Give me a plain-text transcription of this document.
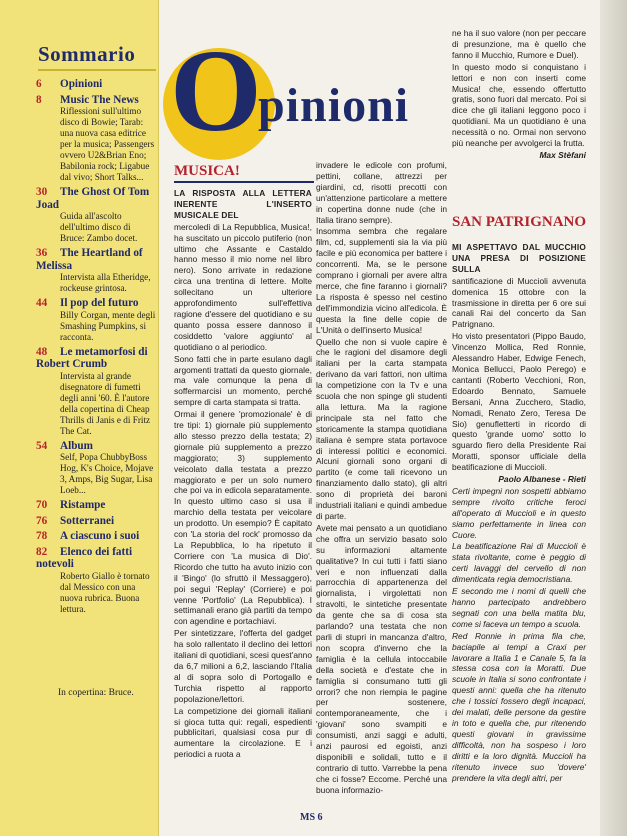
Sommario
6 Opinioni
8 Music The News
Riflessioni sull'ultimo disco di Bowie; Tarab: una nuova casa editrice per la musica; Passengers ovvero U2&Brian Eno; Babilonia rock; Ligabue dal vivo; Short Talks...
30 The Ghost Of Tom Joad
Guida all'ascolto dell'ultimo disco di Bruce: Zambo docet.
36 The Heartland of Melissa
Intervista alla Etheridge, rockeuse grintosa.
44 Il pop del futuro
Billy Corgan, mente degli Smashing Pumpkins, si racconta.
48 Le metamorfosi di Robert Crumb
Intervista al grande disegnatore di fumetti degli anni '60. È l'autore della copertina di Cheap Thrills di Janis e di Fritz The Cat.
54 Album
Self, Popa ChubbyBoss Hog, K's Choice, Mojave 3, Amps, Big Sugar, Lisa Loeb...
70 Ristampe
76 Sotterranei
78 A ciascuno i suoi
82 Elenco dei fatti notevoli
Roberto Giallo è tornato dal Messico con una nuova rubrica. Buona lettura.
In copertina: Bruce.
O
pinioni
MUSICA!

LA RISPOSTA ALLA LETTERA INERENTE L'INSERTO MUSICALE DEL

mercoledì di La Repubblica, Musica!, ha suscitato un piccolo putiferio (non ultimo che Assante e Castaldo hanno messo il mio nome nel libro nero). Sono arrivate in redazione circa una trentina di lettere. Molte sollecitano un ulteriore approfondimento sull'effettiva ragione d'essere del quotidiano e su quanto possa essere dannoso il cosiddetto 'valore aggiunto' al quotidiano o al periodico.

Sono fatti che in parte esulano dagli argomenti trattati da questo giornale, ma vale comunque la pena di soffermarcisi un momento, perché sempre di carta stampata si tratta.

Ormai il genere 'promozionale' è di tre tipi: 1) giornale più supplemento allo stesso prezzo della testata; 2) giornale più supplemento a prezzo maggiorato; 3) supplemento veicolato dalla testata a prezzo maggiorato e per un solo numero che poi va in edicola separatamente. In questo ultimo caso si usa il marchio della testata per veicolare un prodotto. Un esempio? È capitato con 'La storia del rock' promosso da La Repubblica, lo ha ripetuto il Corriere con 'La musica di Dio'. Ricordo che tutto ha avuto inizio con il 'Bingo' (lo sfruttò il Messaggero), poi seguì 'Replay' (Corriere) e poi venne 'Portfolio' (La Repubblica). I settimanali erano già partiti da tempo con agendine e portachiavi.

Per sintetizzare, l'offerta del gadget ha solo rallentato il declino dei lettori italiani di quotidiani, scesi quest'anno da 6,7 milioni a 6,2, lasciando l'Italia al di sopra solo di Portogallo e Turchia rispetto al rapporto popolazione/lettori.

La competizione dei giornali italiani si gioca tutta qui: regali, espedienti pubblicitari, qualsiasi cosa pur di aumentare la circolazione. E i periodici a ruota a

invadere le edicole con profumi, pettini, collane, attrezzi per giardini, cd, risotti precotti con un'attenzione particolare a mettere in copertina donne nude (che in Italia tirano sempre).

Insomma sembra che regalare film, cd, supplementi sia la via più facile e più economica per battere i concorrenti. Ma, se le persone comprano i giornali per avere altra merce, che fine faranno i giornali? La risposta è spesso nel cestino dell'immondizia vicino all'edicola. È questa la fine delle copie de L'Unità o dell'inserto Musica!

Quello che non si vuole capire è che le ragioni del disamore degli italiani per la carta stampata derivano da vari fattori, non ultima la competizione con la Tv e una scuola che non spinge gli studenti alla lettura. Ma la ragione principale sta nel fatto che storicamente la stampa quotidiana italiana è sempre stata portavoce di interessi politici e economici. Alcuni giornali sono organi di partito (e come tali ricevono un finanziamento dallo stato), gli altri sono di proprietà dei baroni industriali italiani e quindi ambedue di parte.

Avete mai pensato a un quotidiano che offra un servizio basato solo su informazioni altamente qualitative? In cui tutti i fatti siano veri e non influenzati dalla parrocchia di appartenenza del giornalista, i virgolettati non stravolti, le sintetiche presentate da gente che sa di cosa sta parlando? una testata che non parli di stupri in mancanza d'altro, non scopra d'inverno che la famiglia è la cellula intoccabile della società e d'estate che in famiglia si consumano tutti gli orrori? che non riempia le pagine per sostenere, contemporaneamente, che i 'giovani' sono svampiti e consumisti, anzi saggi e adulti, anzi paurosi ed egoisti, anzi disponibili e solidali, tutto e il contrario di tutto. Varrebbe la pena che ci fosse? Eccome. Perché una buona informazio-

ne ha il suo valore (non per peccare di presunzione, ma è quello che fanno il Mucchio, Rumore e Duel).

In questo modo si conquistano i lettori e non con inserti come Musica! che, essendo offertutto gratis, sono fuori dal mercato. Poi si dice che gli italiani leggono poco i quotidiani. Ma un quotidiano è una necessità o no. Ormai non servono più neanche per avvolgerci la frutta.

Max Stèfani

SAN PATRIGNANO

MI ASPETTAVO DAL MUCCHIO UNA PRESA DI POSIZIONE SULLA

santificazione di Muccioli avvenuta domenica 15 ottobre con la trasmissione in diretta per 6 ore sui canali Rai del concerto da San Patrignano.

Ho visto presentatori (Pippo Baudo, Vincenzo Mollica, Red Ronnie, Alessandro Haber, Edwige Fenech, Monica Bellucci, Paolo Perego) e cantanti (Roberto Vecchioni, Ron, Edoardo Bennato, Samuele Bersani, Anna Zucchero, Stadio, Nomadi, Renato Zero, Teresa De Sio) genufletterti in ricordo di questo 'grande uomo' sotto lo sguardo fiero della Presidente Rai Moratti, sponsor ufficiale della beatificazione di Muccioli.

Paolo Albanese - Rieti

Certi impegni non sospetti abbiamo sempre rivolto critiche feroci all'operato di Muccioli e in questo siamo perfettamente in linea con Cuore.

La beatificazione Rai di Muccioli è stata rivoltante, come è peggio di certi lavaggi del cervello di non dimenticata regia democristiana.

E secondo me i nomi di quelli che hanno partecipato andrebbero segnati con una bella matita blu, come si faceva un tempo a scuola.

Red Ronnie in prima fila che, baciapile ai tempi a Craxi per lavorare a Italia 1 e Canale 5, fa la stessa cosa con la Moratti. Due scuole in Italia si sono confrontate i questi anni: quella che ha ritenuto che i tossici fossero degli incapaci, dei malati, delle persone da gestire in toto e quella che, pur ritenendo questi giovani in gravissime difficoltà, non ha sospeso i loro diritti e la loro dignità. Muccioli ha ritenuto invece suo 'dovere' prendere la vita degli altri, per

MS 6
